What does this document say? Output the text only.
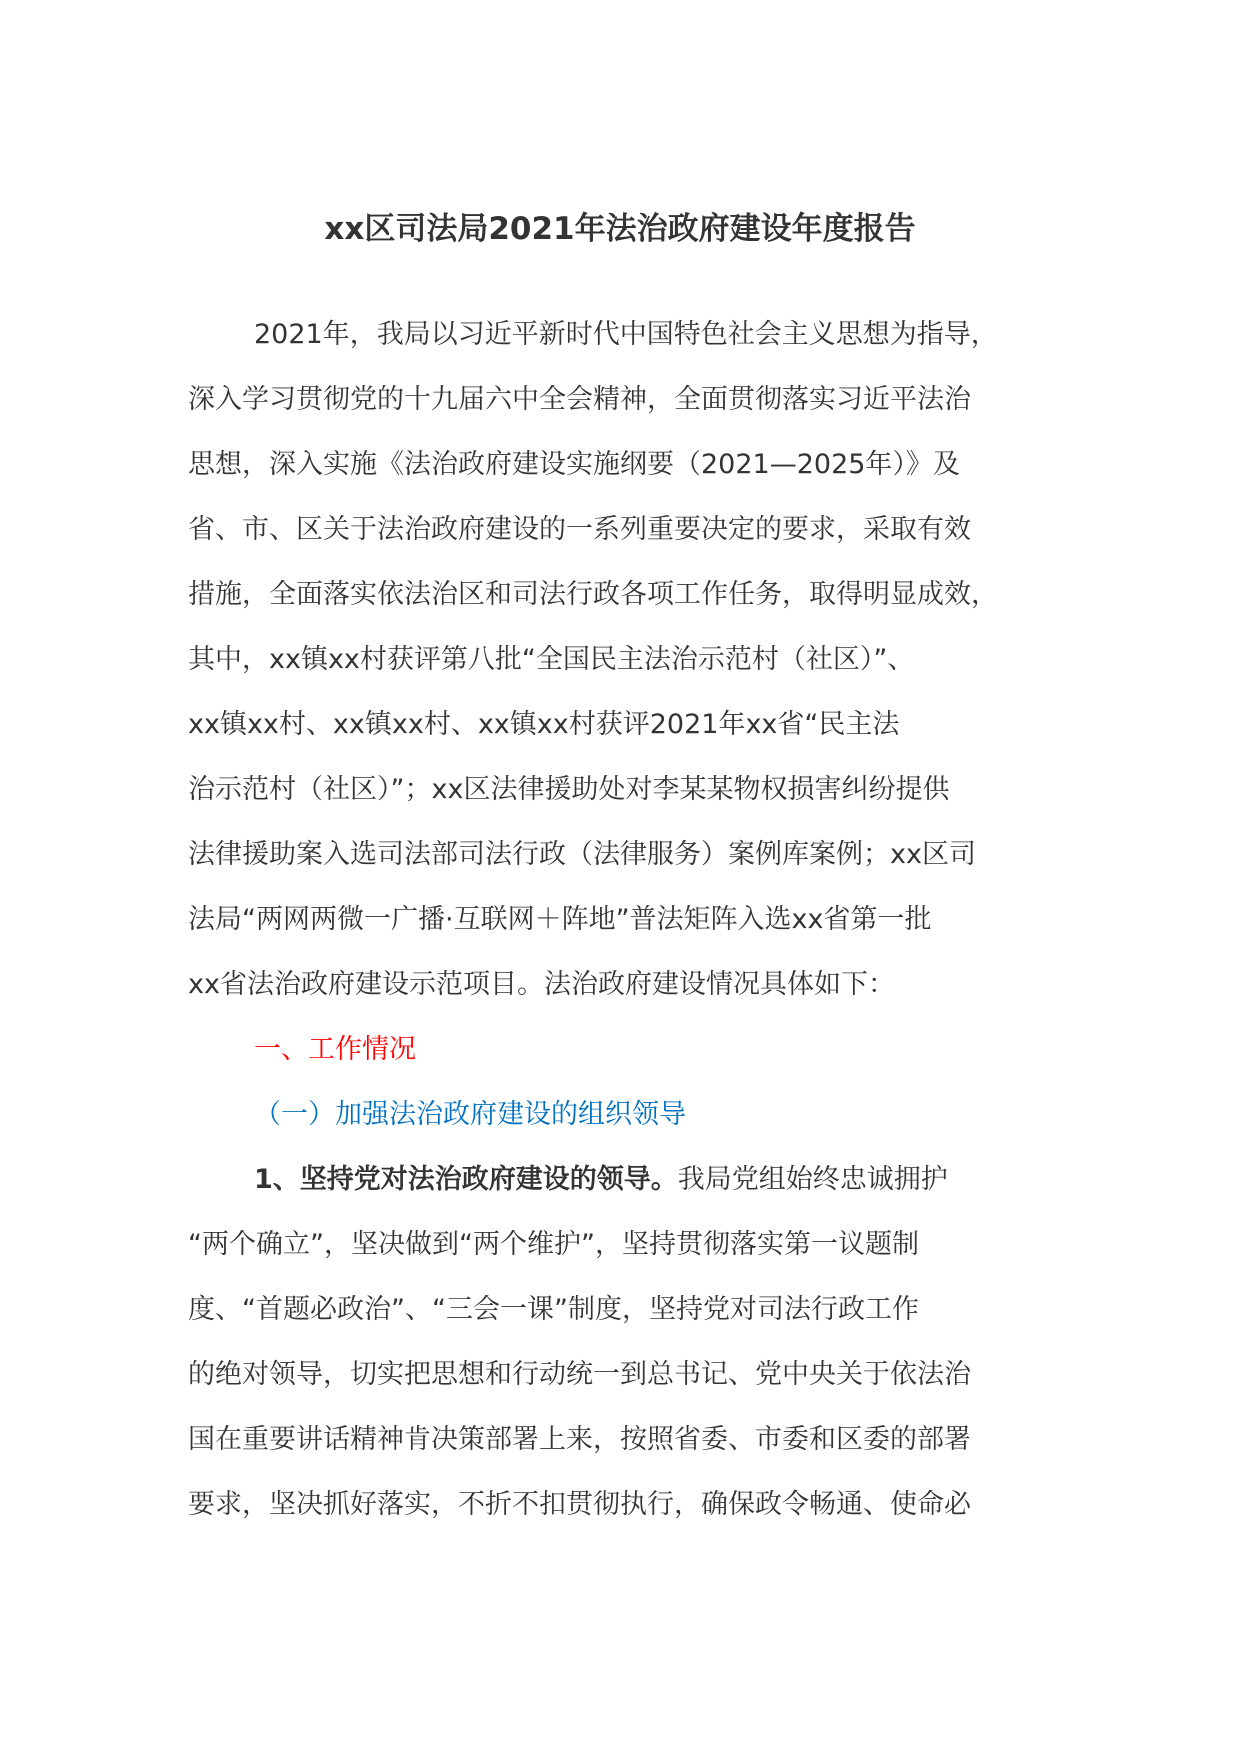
xx区司法局2021年法治政府建设年度报告
2021年，我局以习近平新时代中国特色社会主义思想为指导，
深入学习贯彻党的十九届六中全会精神，全面贯彻落实习近平法治
思想，深入实施《法治政府建设实施纲要（2021—2025年）》及
省、市、区关于法治政府建设的一系列重要决定的要求，采取有效
措施，全面落实依法治区和司法行政各项工作任务，取得明显成效，
其中，xx镇xx村获评第八批“全国民主法治示范村（社区）”、
xx镇xx村、xx镇xx村、xx镇xx村获评2021年xx省“民主法
治示范村（社区）”；xx区法律援助处对李某某物权损害纠纷提供
法律援助案入选司法部司法行政（法律服务）案例库案例；xx区司
法局“两网两微一广播·互联网＋阵地”普法矩阵入选xx省第一批
xx省法治政府建设示范项目。法治政府建设情况具体如下：
一、工作情况
（一）加强法治政府建设的组织领导
1、坚持党对法治政府建设的领导。我局党组始终忠诚拥护
“两个确立”，坚决做到“两个维护”，坚持贯彻落实第一议题制
度、“首题必政治”、“三会一课”制度，坚持党对司法行政工作
的绝对领导，切实把思想和行动统一到总书记、党中央关于依法治
国在重要讲话精神肯决策部署上来，按照省委、市委和区委的部署
要求，坚决抓好落实，不折不扣贯彻执行，确保政令畅通、使命必
